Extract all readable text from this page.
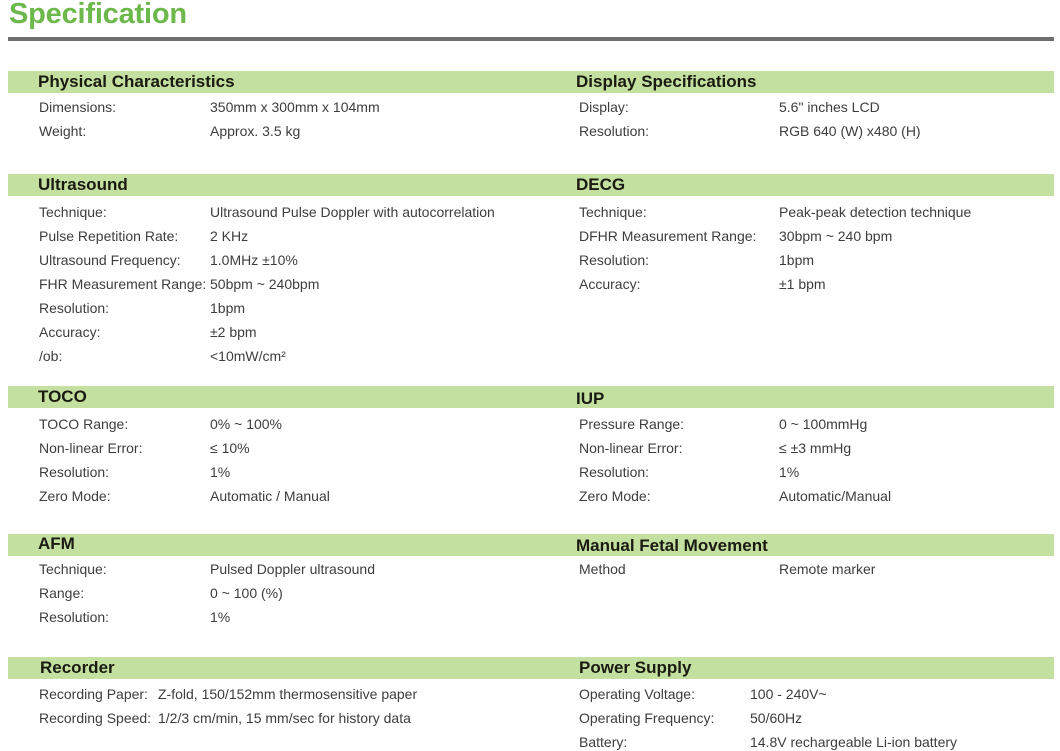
Specification
Physical Characteristics
Dimensions:	350mm x 300mm x 104mm
Weight:	Approx. 3.5 kg
Display Specifications
Display:	5.6" inches LCD
Resolution:	RGB 640 (W) x480 (H)
Ultrasound
Technique:	Ultrasound Pulse Doppler with autocorrelation
Pulse Repetition Rate: 2 KHz
Ultrasound Frequency: 1.0MHz ±10%
FHR Measurement Range: 50bpm ~ 240bpm
Resolution:	1bpm
Accuracy:	±2 bpm
/ob:	<10mW/cm²
DECG
Technique:	Peak-peak detection technique
DFHR Measurement Range: 30bpm ~ 240 bpm
Resolution:	1bpm
Accuracy:	±1 bpm
TOCO
TOCO Range:	0% ~ 100%
Non-linear Error:	≤ 10%
Resolution:	1%
Zero Mode:	Automatic / Manual
IUP
Pressure Range:	0 ~ 100mmHg
Non-linear Error:	≤ ±3 mmHg
Resolution:	1%
Zero Mode:	Automatic/Manual
AFM
Technique:	Pulsed Doppler ultrasound
Range:	0 ~ 100 (%)
Resolution:	1%
Manual Fetal Movement
Method	Remote marker
Recorder
Recording Paper: Z-fold, 150/152mm thermosensitive paper
Recording Speed: 1/2/3 cm/min, 15 mm/sec for history data
Power Supply
Operating Voltage:	100 - 240V~
Operating Frequency:	50/60Hz
Battery:	14.8V rechargeable Li-ion battery
